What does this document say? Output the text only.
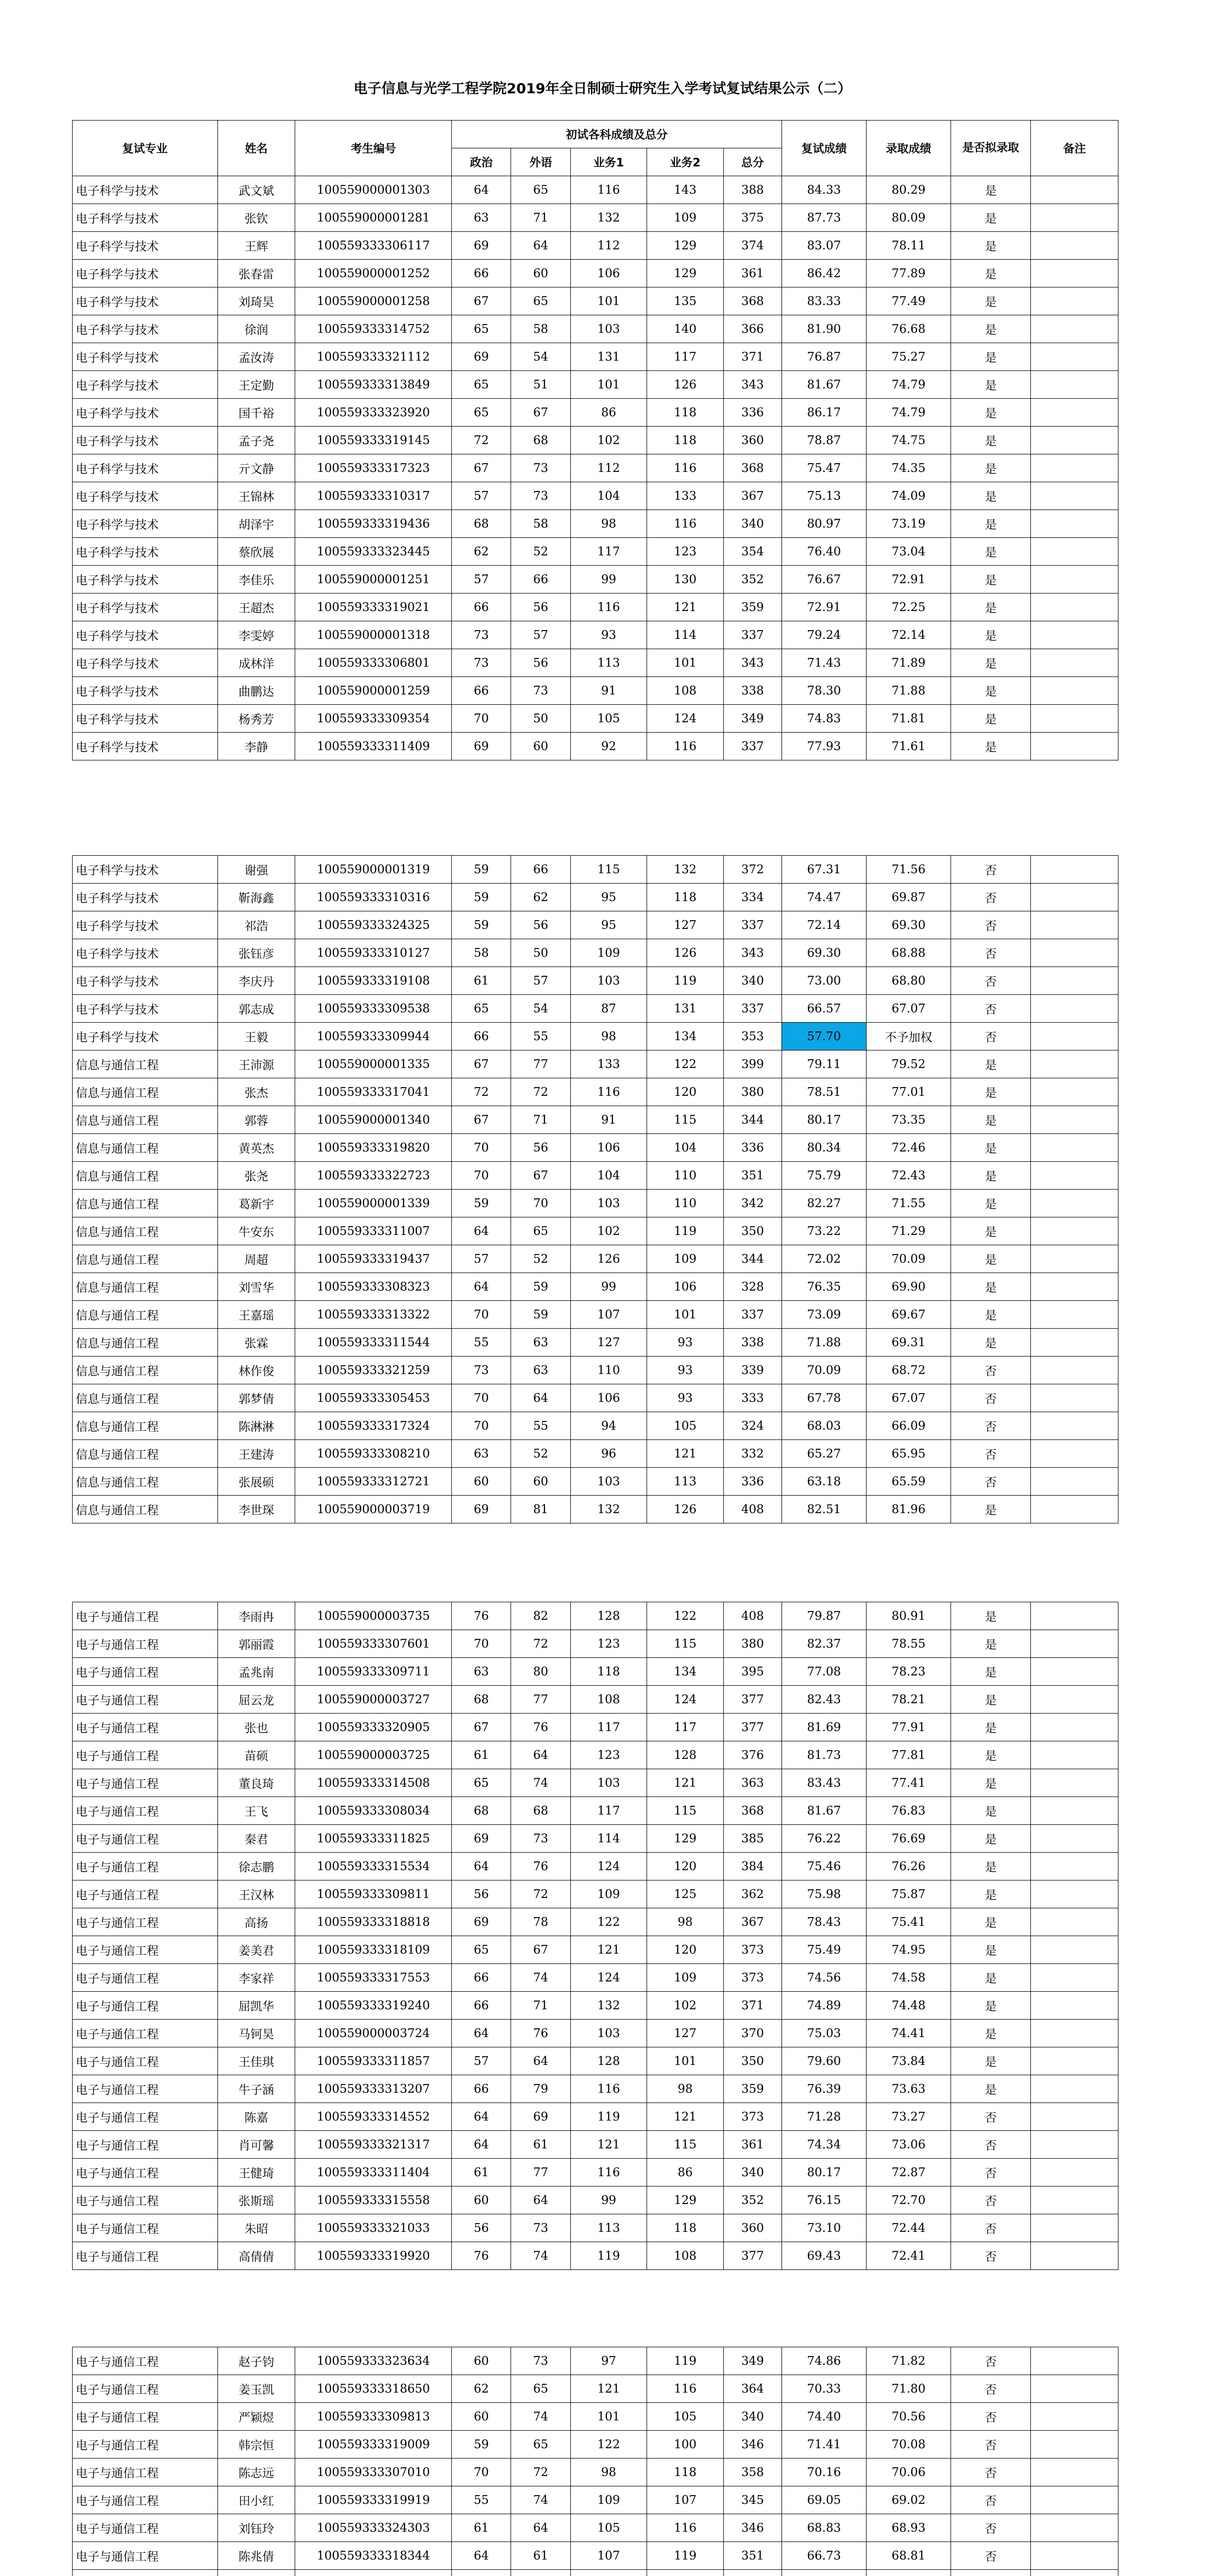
电子信息与光学工程学院2019年全日制硕士研究生入学考试复试结果公示（二）
复试专业	姓名	考生编号	初试各科成绩及总分					复试成绩	录取成绩	是否拟录取	备注
			政治	外语	业务1	业务2	总分				
电子科学与技术	武文斌	100559000001303	64	65	116	143	388	84.33	80.29	是	
电子科学与技术	张钦	100559000001281	63	71	132	109	375	87.73	80.09	是	
电子科学与技术	王辉	100559333306117	69	64	112	129	374	83.07	78.11	是	
电子科学与技术	张春雷	100559000001252	66	60	106	129	361	86.42	77.89	是	
电子科学与技术	刘琦昊	100559000001258	67	65	101	135	368	83.33	77.49	是	
电子科学与技术	徐润	100559333314752	65	58	103	140	366	81.90	76.68	是	
电子科学与技术	孟汝涛	100559333321112	69	54	131	117	371	76.87	75.27	是	
电子科学与技术	王定勤	100559333313849	65	51	101	126	343	81.67	74.79	是	
电子科学与技术	国千裕	100559333323920	65	67	86	118	336	86.17	74.79	是	
电子科学与技术	孟子尧	100559333319145	72	68	102	118	360	78.87	74.75	是	
电子科学与技术	亓文静	100559333317323	67	73	112	116	368	75.47	74.35	是	
电子科学与技术	王锦林	100559333310317	57	73	104	133	367	75.13	74.09	是	
电子科学与技术	胡泽宇	100559333319436	68	58	98	116	340	80.97	73.19	是	
电子科学与技术	蔡欣展	100559333323445	62	52	117	123	354	76.40	73.04	是	
电子科学与技术	李佳乐	100559000001251	57	66	99	130	352	76.67	72.91	是	
电子科学与技术	王超杰	100559333319021	66	56	116	121	359	72.91	72.25	是	
电子科学与技术	李雯婷	100559000001318	73	57	93	114	337	79.24	72.14	是	
电子科学与技术	成林洋	100559333306801	73	56	113	101	343	71.43	71.89	是	
电子科学与技术	曲鹏达	100559000001259	66	73	91	108	338	78.30	71.88	是	
电子科学与技术	杨秀芳	100559333309354	70	50	105	124	349	74.83	71.81	是	
电子科学与技术	李静	100559333311409	69	60	92	116	337	77.93	71.61	是	
电子科学与技术	谢强	100559000001319	59	66	115	132	372	67.31	71.56	否	
电子科学与技术	靳海鑫	100559333310316	59	62	95	118	334	74.47	69.87	否	
电子科学与技术	祁浩	100559333324325	59	56	95	127	337	72.14	69.30	否	
电子科学与技术	张钰彦	100559333310127	58	50	109	126	343	69.30	68.88	否	
电子科学与技术	李庆丹	100559333319108	61	57	103	119	340	73.00	68.80	否	
电子科学与技术	郭志成	100559333309538	65	54	87	131	337	66.57	67.07	否	
电子科学与技术	王毅	100559333309944	66	55	98	134	353	57.70	不予加权	否	
信息与通信工程	王沛源	100559000001335	67	77	133	122	399	79.11	79.52	是	
信息与通信工程	张杰	100559333317041	72	72	116	120	380	78.51	77.01	是	
信息与通信工程	郭蓉	100559000001340	67	71	91	115	344	80.17	73.35	是	
信息与通信工程	黄英杰	100559333319820	70	56	106	104	336	80.34	72.46	是	
信息与通信工程	张尧	100559333322723	70	67	104	110	351	75.79	72.43	是	
信息与通信工程	葛新宇	100559000001339	59	70	103	110	342	82.27	71.55	是	
信息与通信工程	牛安东	100559333311007	64	65	102	119	350	73.22	71.29	是	
信息与通信工程	周超	100559333319437	57	52	126	109	344	72.02	70.09	是	
信息与通信工程	刘雪华	100559333308323	64	59	99	106	328	76.35	69.90	是	
信息与通信工程	王嘉瑶	100559333313322	70	59	107	101	337	73.09	69.67	是	
信息与通信工程	张霖	100559333311544	55	63	127	93	338	71.88	69.31	是	
信息与通信工程	林作俊	100559333321259	73	63	110	93	339	70.09	68.72	否	
信息与通信工程	郭梦倩	100559333305453	70	64	106	93	333	67.78	67.07	否	
信息与通信工程	陈淋淋	100559333317324	70	55	94	105	324	68.03	66.09	否	
信息与通信工程	王建涛	100559333308210	63	52	96	121	332	65.27	65.95	否	
信息与通信工程	张展硕	100559333312721	60	60	103	113	336	63.18	65.59	否	
信息与通信工程	李世琛	100559000003719	69	81	132	126	408	82.51	81.96	是	
电子与通信工程	李雨冉	100559000003735	76	82	128	122	408	79.87	80.91	是	
电子与通信工程	郭丽霞	100559333307601	70	72	123	115	380	82.37	78.55	是	
电子与通信工程	孟兆南	100559333309711	63	80	118	134	395	77.08	78.23	是	
电子与通信工程	屈云龙	100559000003727	68	77	108	124	377	82.43	78.21	是	
电子与通信工程	张也	100559333320905	67	76	117	117	377	81.69	77.91	是	
电子与通信工程	苗硕	100559000003725	61	64	123	128	376	81.73	77.81	是	
电子与通信工程	董良琦	100559333314508	65	74	103	121	363	83.43	77.41	是	
电子与通信工程	王飞	100559333308034	68	68	117	115	368	81.67	76.83	是	
电子与通信工程	秦君	100559333311825	69	73	114	129	385	76.22	76.69	是	
电子与通信工程	徐志鹏	100559333315534	64	76	124	120	384	75.46	76.26	是	
电子与通信工程	王汉林	100559333309811	56	72	109	125	362	75.98	75.87	是	
电子与通信工程	高扬	100559333318818	69	78	122	98	367	78.43	75.41	是	
电子与通信工程	姜美君	100559333318109	65	67	121	120	373	75.49	74.95	是	
电子与通信工程	李家祥	100559333317553	66	74	124	109	373	74.56	74.58	是	
电子与通信工程	屈凯华	100559333319240	66	71	132	102	371	74.89	74.48	是	
电子与通信工程	马钶昊	100559000003724	64	76	103	127	370	75.03	74.41	是	
电子与通信工程	王佳琪	100559333311857	57	64	128	101	350	79.60	73.84	是	
电子与通信工程	牛子涵	100559333313207	66	79	116	98	359	76.39	73.63	是	
电子与通信工程	陈嘉	100559333314552	64	69	119	121	373	71.28	73.27	否	
电子与通信工程	肖可馨	100559333321317	64	61	121	115	361	74.34	73.06	否	
电子与通信工程	王健琦	100559333311404	61	77	116	86	340	80.17	72.87	否	
电子与通信工程	张斯瑶	100559333315558	60	64	99	129	352	76.15	72.70	否	
电子与通信工程	朱昭	100559333321033	56	73	113	118	360	73.10	72.44	否	
电子与通信工程	高倩倩	100559333319920	76	74	119	108	377	69.43	72.41	否	
电子与通信工程	赵子钧	100559333323634	60	73	97	119	349	74.86	71.82	否	
电子与通信工程	姜玉凯	100559333318650	62	65	121	116	364	70.33	71.80	否	
电子与通信工程	严颖煜	100559333309813	60	74	101	105	340	74.40	70.56	否	
电子与通信工程	韩宗恒	100559333319009	59	65	122	100	346	71.41	70.08	否	
电子与通信工程	陈志远	100559333307010	70	72	98	118	358	70.16	70.06	否	
电子与通信工程	田小红	100559333319919	55	74	109	107	345	69.05	69.02	否	
电子与通信工程	刘钰玲	100559333324303	61	64	105	116	346	68.83	68.93	否	
电子与通信工程	陈兆倩	100559333318344	64	61	107	119	351	66.73	68.81	否	
